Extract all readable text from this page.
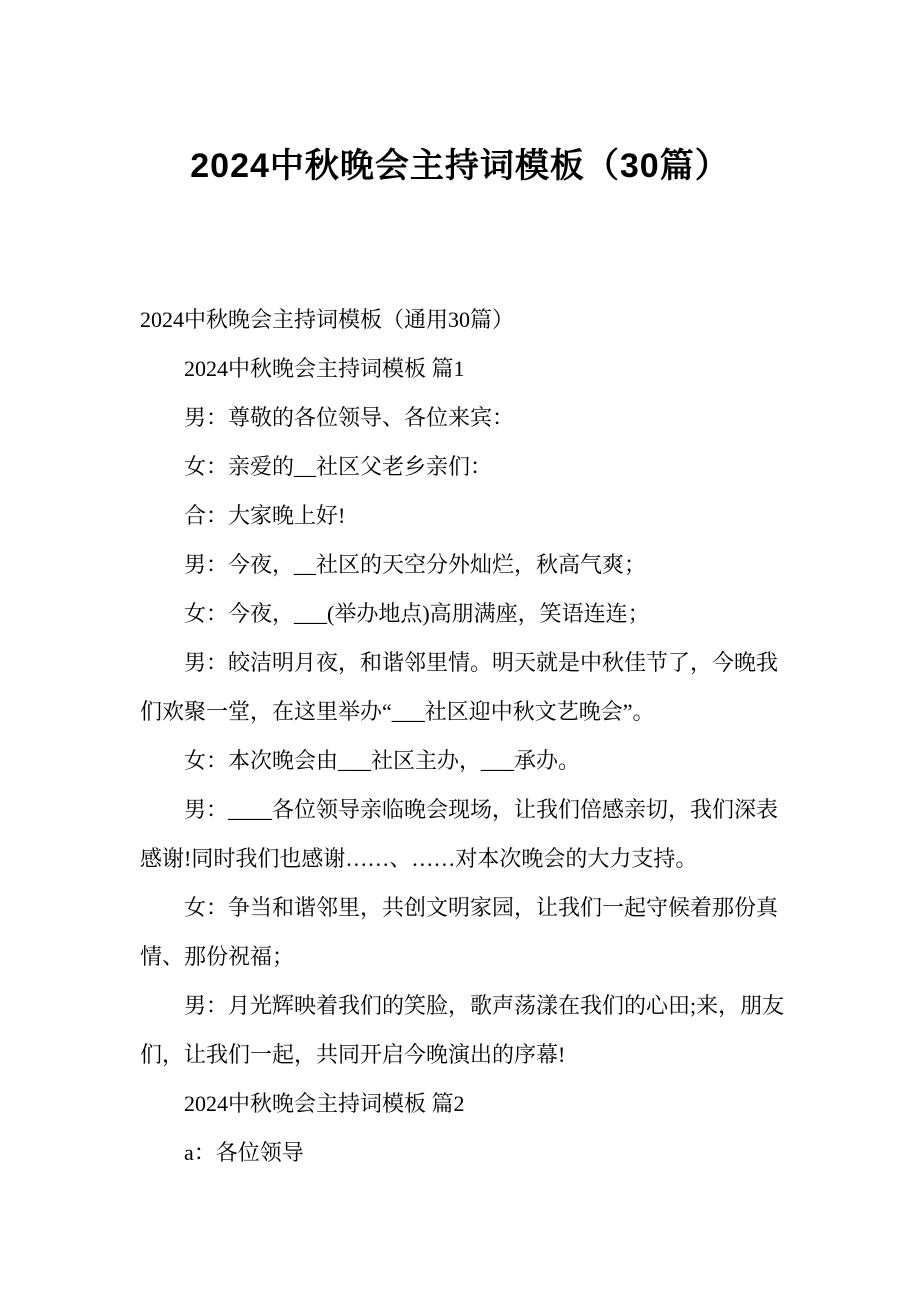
2024中秋晚会主持词模板（30篇）

2024中秋晚会主持词模板（通用30篇）

2024中秋晚会主持词模板 篇1

男：尊敬的各位领导、各位来宾：

女：亲爱的__社区父老乡亲们：

合：大家晚上好!

男：今夜，__社区的天空分外灿烂，秋高气爽；

女：今夜，___(举办地点)高朋满座，笑语连连；

男：皎洁明月夜，和谐邻里情。明天就是中秋佳节了，今晚我们欢聚一堂，在这里举办“___社区迎中秋文艺晚会”。

女：本次晚会由___社区主办，___承办。

男：____各位领导亲临晚会现场，让我们倍感亲切，我们深表感谢!同时我们也感谢……、……对本次晚会的大力支持。

女：争当和谐邻里，共创文明家园，让我们一起守候着那份真情、那份祝福；

男：月光辉映着我们的笑脸，歌声荡漾在我们的心田;来，朋友们，让我们一起，共同开启今晚演出的序幕!

2024中秋晚会主持词模板 篇2

a：各位领导
